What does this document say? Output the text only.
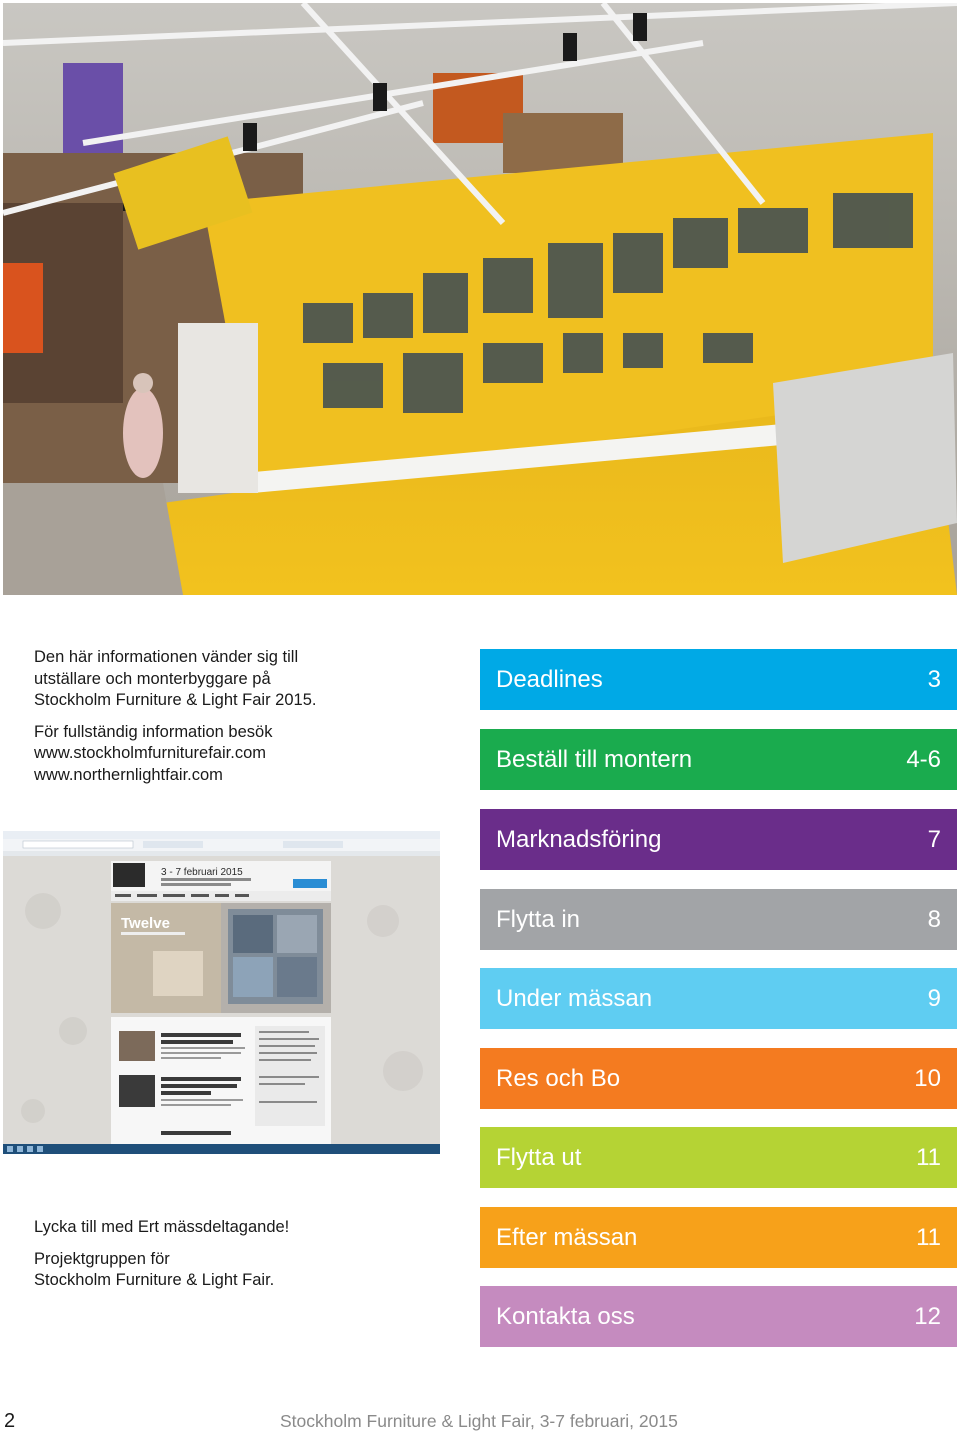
Den här informationen vänder sig till
utställare och monterbyggare på
Stockholm Furniture & Light Fair 2015.

För fullständig information besök
www.stockholmfurniturefair.com
www.northernlightfair.com

Deadlines	3
Beställ till montern	4-6
Marknadsföring	7
Flytta in	8
Under mässan	9
Res och Bo	10
Flytta ut	11
Efter mässan	11
Kontakta oss	12
3 - 7 februari 2015
Twelve

Lycka till med Ert mässdeltagande!

Projektgruppen för
Stockholm Furniture & Light Fair.

2	Stockholm Furniture & Light Fair, 3-7 februari, 2015
